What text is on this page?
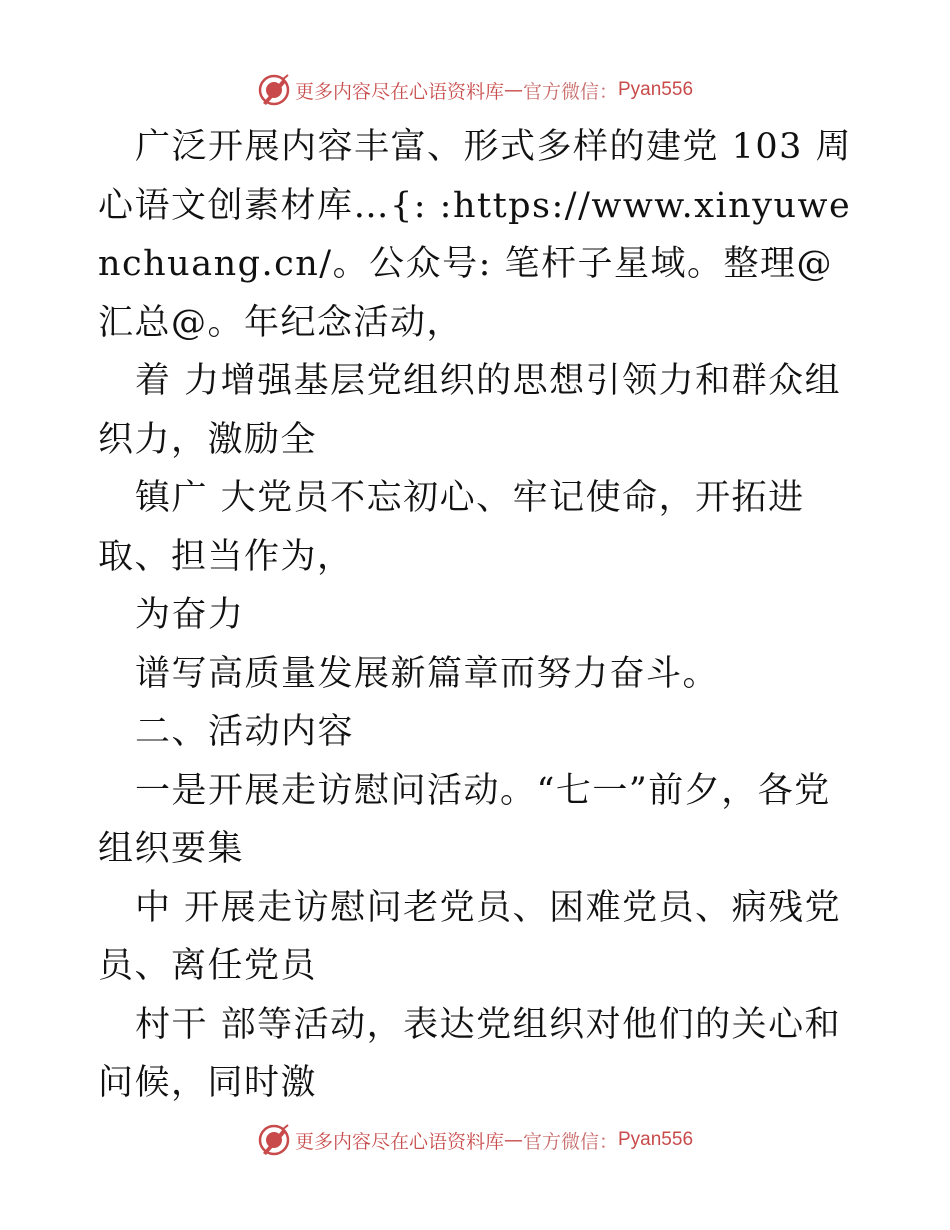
更多内容尽在心语资料库 — 官方微信： Pyan556

广泛开展内容丰富、形式多样的建党 103 周心语文创素材库…{: :https://www.xinyuwenchuang.cn/。公众号: 笔杆子星域。整理@汇总@。年纪念活动，

着 力增强基层党组织的思想引领力和群众组织力，激励全

镇广 大党员不忘初心、牢记使命，开拓进取、担当作为，

为奋力

谱写高质量发展新篇章而努力奋斗。

二、活动内容

一是开展走访慰问活动。“七一”前夕，各党组织要集

中 开展走访慰问老党员、困难党员、病残党员、离任党员

村干 部等活动，表达党组织对他们的关心和问候，同时激

更多内容尽在心语资料库 — 官方微信： Pyan556
